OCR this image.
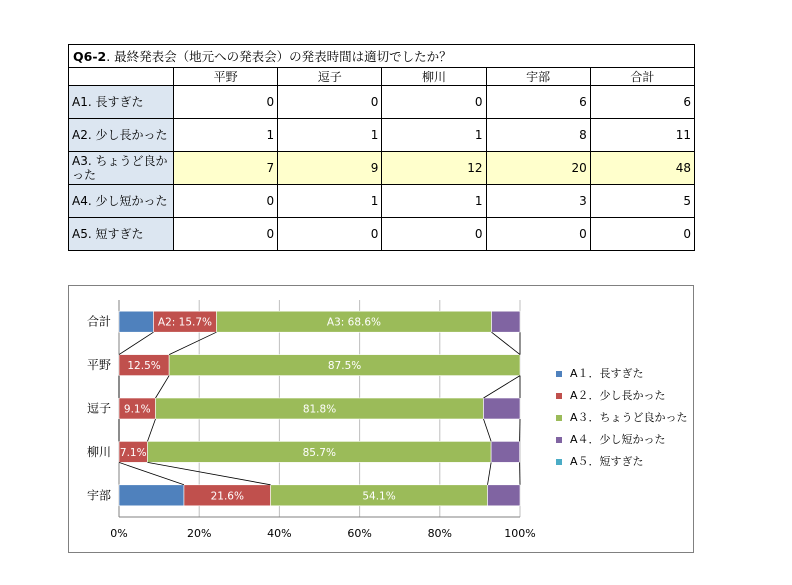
Q6-2. 最終発表会（地元への発表会）の発表時間は適切でしたか？					
	平野	逗子	柳川	宇部	合計
A1. 長すぎた	0	0	0	6	6
A2. 少し長かった	1	1	1	8	11
A3. ちょうど良かった	7	9	12	20	48
A4. 少し短かった	0	1	1	3	5
A5. 短すぎた	0	0	0	0	0
0%	20%	40%	60%	80%	100%
合計	A2: 15.7%	A3: 68.6%
平野 12.5%	87.5%
逗子 9.1%	81.8%
柳川 7.1%	85.7%
宇部	21.6%	54.1%
A１．長すぎた
A２．少し長かった
A３．ちょうど良かった
A４．少し短かった
A５．短すぎた
